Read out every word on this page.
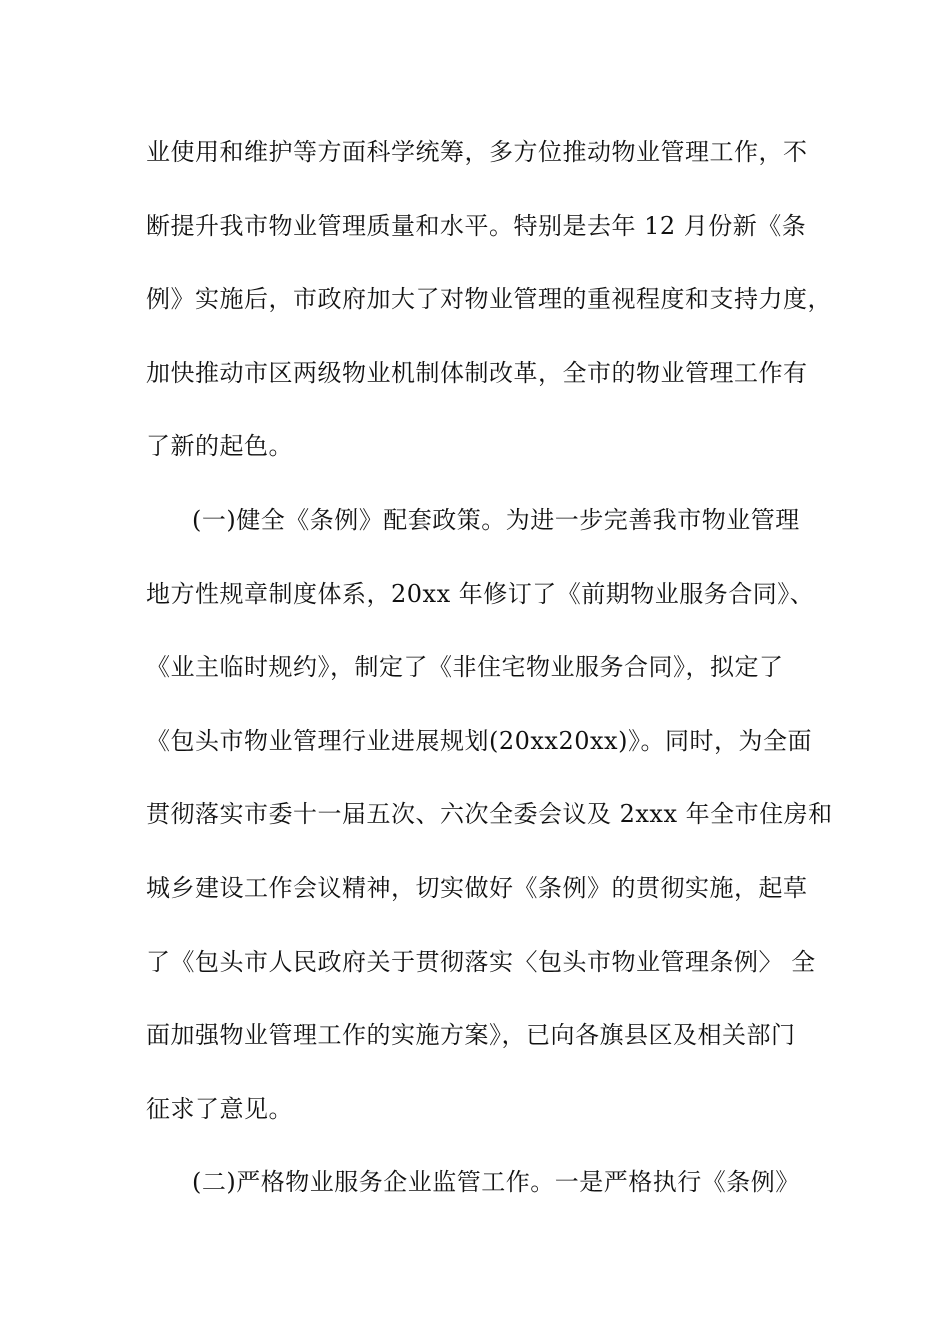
业使用和维护等方面科学统筹，多方位推动物业管理工作，不
断提升我市物业管理质量和水平。特别是去年 12 月份新《条
例》实施后，市政府加大了对物业管理的重视程度和支持力度，
加快推动市区两级物业机制体制改革，全市的物业管理工作有
了新的起色。
(一)健全《条例》配套政策。为进一步完善我市物业管理
地方性规章制度体系，20xx 年修订了《前期物业服务合同》、
《业主临时规约》，制定了《非住宅物业服务合同》，拟定了
《包头市物业管理行业进展规划(20xx20xx)》。同时，为全面
贯彻落实市委十一届五次、六次全委会议及 2xxx 年全市住房和
城乡建设工作会议精神，切实做好《条例》的贯彻实施，起草
了《包头市人民政府关于贯彻落实〈包头市物业管理条例〉 全
面加强物业管理工作的实施方案》，已向各旗县区及相关部门
征求了意见。
(二)严格物业服务企业监管工作。一是严格执行《条例》
